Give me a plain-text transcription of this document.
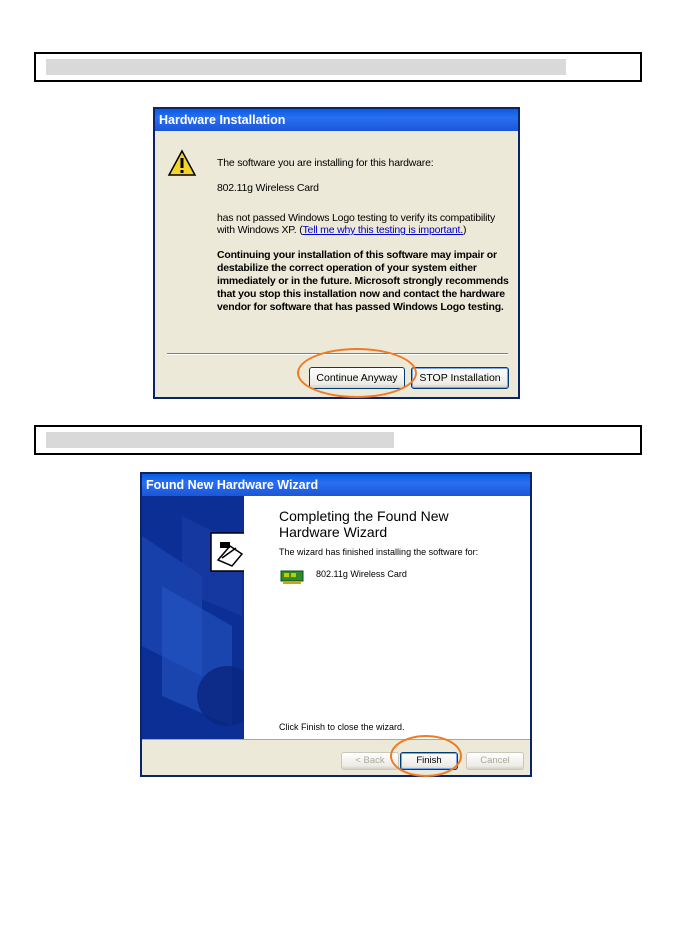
Hardware Installation
The software you are installing for this hardware:
802.11g Wireless Card
has not passed Windows Logo testing to verify its compatibility with Windows XP. (Tell me why this testing is important.)
Continuing your installation of this software may impair or destabilize the correct operation of your system either immediately or in the future. Microsoft strongly recommends that you stop this installation now and contact the hardware vendor for software that has passed Windows Logo testing.
Continue Anyway	STOP Installation
Found New Hardware Wizard
Completing the Found New Hardware Wizard
The wizard has finished installing the software for:
802.11g Wireless Card
Click Finish to close the wizard.
< Back	Finish	Cancel
